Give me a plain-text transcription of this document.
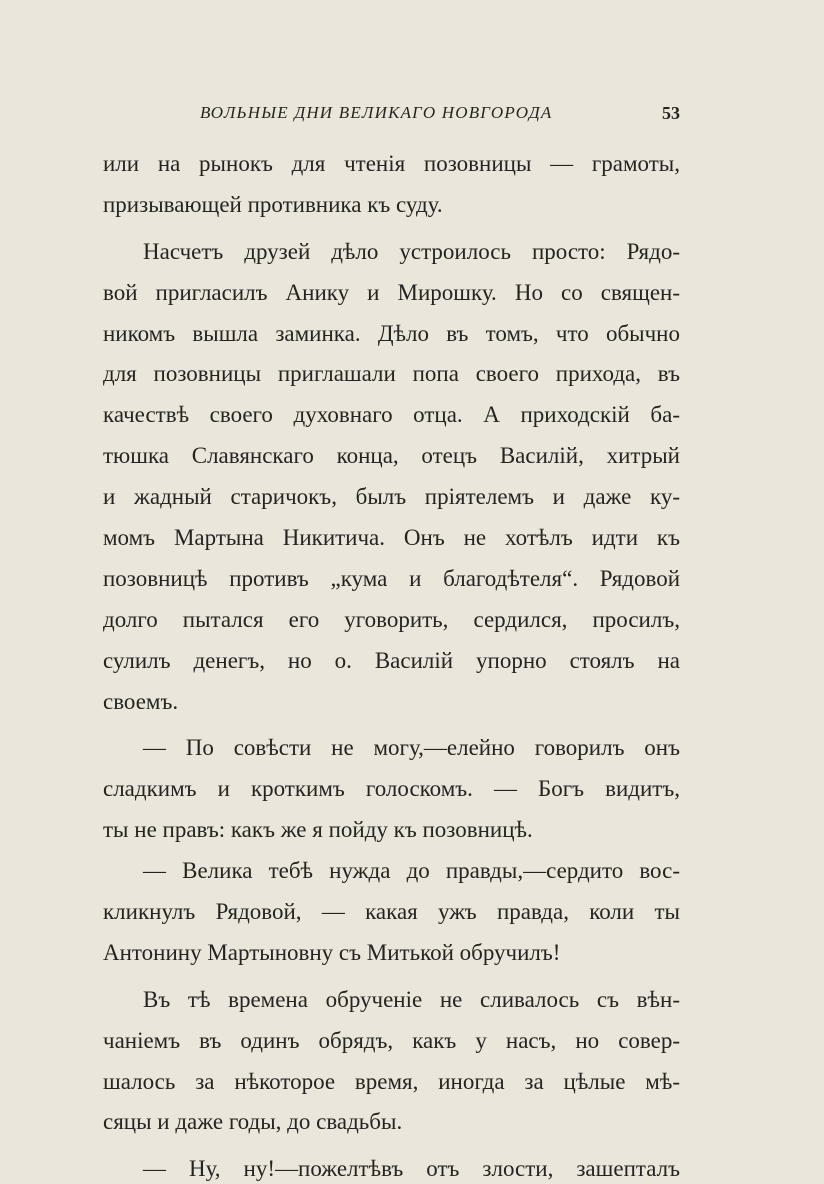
ВОЛЬНЫЕ ДНИ ВЕЛИКАГО НОВГОРОДА	53
или на рынокъ для чтенія позовницы — грамоты,
призывающей противника къ суду.
Насчетъ друзей дѣло устроилось просто: Рядо-
вой пригласилъ Анику и Мирошку. Но со священ-
никомъ вышла заминка. Дѣло въ томъ, что обычно
для позовницы приглашали попа своего прихода, въ
качествѣ своего духовнаго отца. А приходскій ба-
тюшка Славянскаго конца, отецъ Василій, хитрый
и жадный старичокъ, былъ пріятелемъ и даже ку-
момъ Мартына Никитича. Онъ не хотѣлъ идти къ
позовницѣ противъ „кума и благодѣтеля“. Рядовой
долго пытался его уговорить, сердился, просилъ,
сулилъ денегъ, но о. Василій упорно стоялъ на
своемъ.
— По совѣсти не могу,—елейно говорилъ онъ
сладкимъ и кроткимъ голоскомъ. — Богъ видитъ,
ты не правъ: какъ же я пойду къ позовницѣ.
— Велика тебѣ нужда до правды,—сердито вос-
кликнулъ Рядовой, — какая ужъ правда, коли ты
Антонину Мартыновну съ Митькой обручилъ!
Въ тѣ времена обрученіе не сливалось съ вѣн-
чаніемъ въ одинъ обрядъ, какъ у насъ, но совер-
шалось за нѣкоторое время, иногда за цѣлые мѣ-
сяцы и даже годы, до свадьбы.
— Ну, ну!—пожелтѣвъ отъ злости, зашепталъ
